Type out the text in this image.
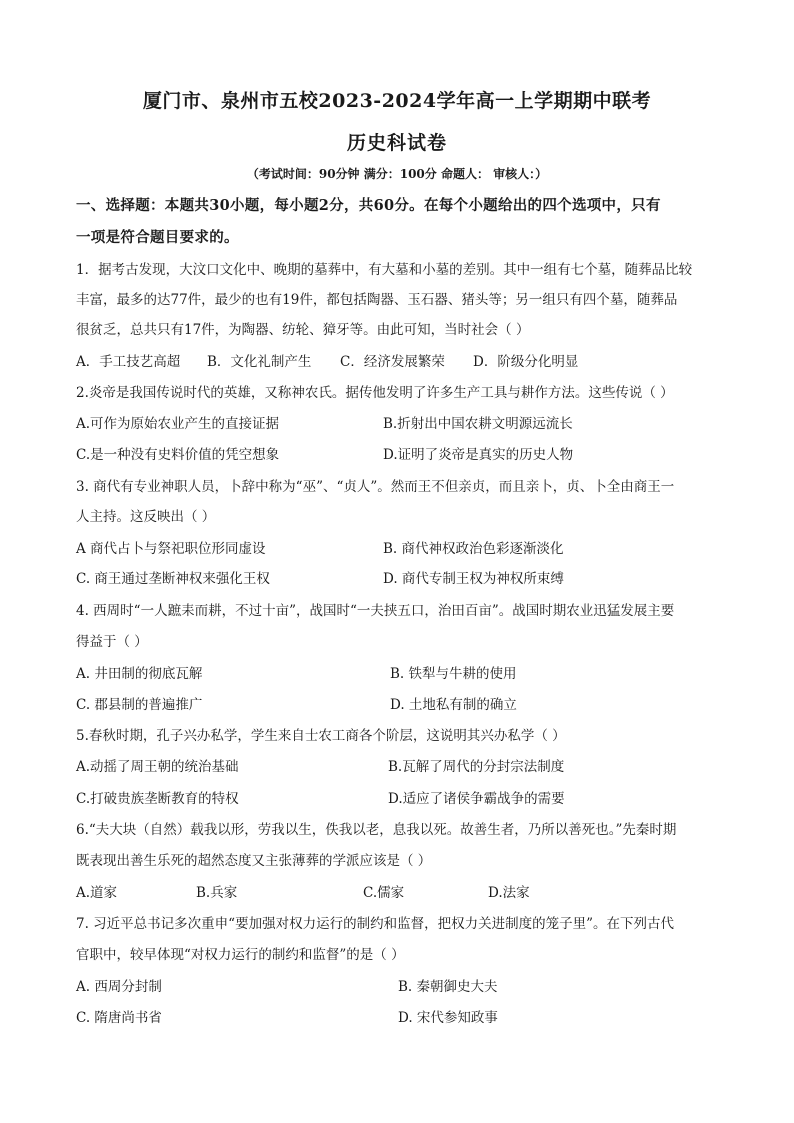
厦门市、泉州市五校2023-2024学年高一上学期期中联考
历史科试卷
（考试时间：90分钟 满分：100分 命题人： 审核人：）
一、选择题：本题共30小题，每小题2分，共60分。在每个小题给出的四个选项中，只有
一项是符合题目要求的。
1．据考古发现，大汶口文化中、晚期的墓葬中，有大墓和小墓的差别。其中一组有七个墓，随葬品比较
丰富，最多的达77件，最少的也有19件，都包括陶器、玉石器、猪头等；另一组只有四个墓，随葬品
很贫乏，总共只有17件，为陶器、纺轮、獐牙等。由此可知，当时社会（ ）
A．手工技艺高超 B．文化礼制产生 C．经济发展繁荣 D．阶级分化明显
2.炎帝是我国传说时代的英雄，又称神农氏。据传他发明了许多生产工具与耕作方法。这些传说（ ）
A.可作为原始农业产生的直接证据	B.折射出中国农耕文明源远流长
C.是一种没有史料价值的凭空想象	D.证明了炎帝是真实的历史人物
3. 商代有专业神职人员，卜辞中称为“巫”、“贞人”。然而王不但亲贞，而且亲卜，贞、卜全由商王一
人主持。这反映出（ ）
A 商代占卜与祭祀职位形同虚设	B. 商代神权政治色彩逐渐淡化
C. 商王通过垄断神权来强化王权	D. 商代专制王权为神权所束缚
4. 西周时“一人蹠耒而耕，不过十亩”，战国时“一夫挟五口，治田百亩”。战国时期农业迅猛发展主要
得益于（ ）
A. 井田制的彻底瓦解	B. 铁犁与牛耕的使用
C. 郡县制的普遍推广	D. 土地私有制的确立
5.春秋时期，孔子兴办私学，学生来自士农工商各个阶层，这说明其兴办私学（ ）
A.动摇了周王朝的统治基础	B.瓦解了周代的分封宗法制度
C.打破贵族垄断教育的特权	D.适应了诸侯争霸战争的需要
6.“夫大块（自然）载我以形，劳我以生，佚我以老，息我以死。故善生者，乃所以善死也。”先秦时期
既表现出善生乐死的超然态度又主张薄葬的学派应该是（ ）
A.道家	B.兵家	C.儒家	D.法家
7. 习近平总书记多次重申“要加强对权力运行的制约和监督，把权力关进制度的笼子里”。在下列古代
官职中，较早体现“对权力运行的制约和监督”的是（ ）
A. 西周分封制	B. 秦朝御史大夫
C. 隋唐尚书省	D. 宋代参知政事
